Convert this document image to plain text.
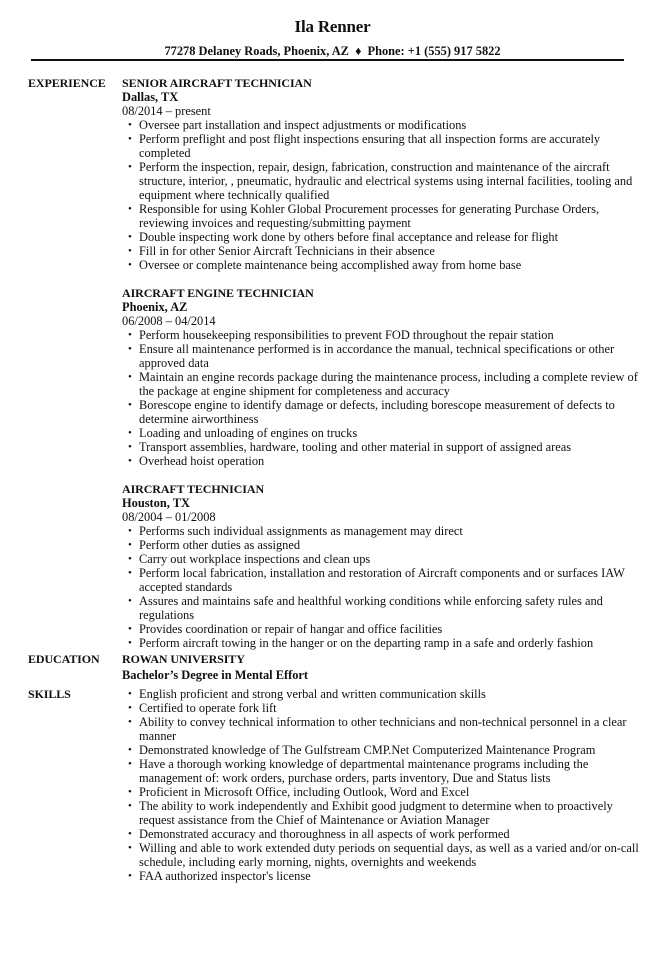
Ila Renner
77278 Delaney Roads, Phoenix, AZ ♦ Phone: +1 (555) 917 5822
EXPERIENCE SENIOR AIRCRAFT TECHNICIAN
Dallas, TX
08/2014 – present
• Oversee part installation and inspect adjustments or modifications
• Perform preflight and post flight inspections ensuring that all inspection forms are accurately completed
• Perform the inspection, repair, design, fabrication, construction and maintenance of the aircraft structure, interior, , pneumatic, hydraulic and electrical systems using internal facilities, tooling and equipment where technically qualified
• Responsible for using Kohler Global Procurement processes for generating Purchase Orders, reviewing invoices and requesting/submitting payment
• Double inspecting work done by others before final acceptance and release for flight
• Fill in for other Senior Aircraft Technicians in their absence
• Oversee or complete maintenance being accomplished away from home base
AIRCRAFT ENGINE TECHNICIAN
Phoenix, AZ
06/2008 – 04/2014
• Perform housekeeping responsibilities to prevent FOD throughout the repair station
• Ensure all maintenance performed is in accordance the manual, technical specifications or other approved data
• Maintain an engine records package during the maintenance process, including a complete review of the package at engine shipment for completeness and accuracy
• Borescope engine to identify damage or defects, including borescope measurement of defects to determine airworthiness
• Loading and unloading of engines on trucks
• Transport assemblies, hardware, tooling and other material in support of assigned areas
• Overhead hoist operation
AIRCRAFT TECHNICIAN
Houston, TX
08/2004 – 01/2008
• Performs such individual assignments as management may direct
• Perform other duties as assigned
• Carry out workplace inspections and clean ups
• Perform local fabrication, installation and restoration of Aircraft components and or surfaces IAW accepted standards
• Assures and maintains safe and healthful working conditions while enforcing safety rules and regulations
• Provides coordination or repair of hangar and office facilities
• Perform aircraft towing in the hanger or on the departing ramp in a safe and orderly fashion
EDUCATION ROWAN UNIVERSITY
Bachelor’s Degree in Mental Effort
SKILLS	• English proficient and strong verbal and written communication skills
• Certified to operate fork lift
• Ability to convey technical information to other technicians and non-technical personnel in a clear manner
• Demonstrated knowledge of The Gulfstream CMP.Net Computerized Maintenance Program
• Have a thorough working knowledge of departmental maintenance programs including the management of: work orders, purchase orders, parts inventory, Due and Status lists
• Proficient in Microsoft Office, including Outlook, Word and Excel
• The ability to work independently and Exhibit good judgment to determine when to proactively request assistance from the Chief of Maintenance or Aviation Manager
• Demonstrated accuracy and thoroughness in all aspects of work performed
• Willing and able to work extended duty periods on sequential days, as well as a varied and/or on-call schedule, including early morning, nights, overnights and weekends
• FAA authorized inspector's license
